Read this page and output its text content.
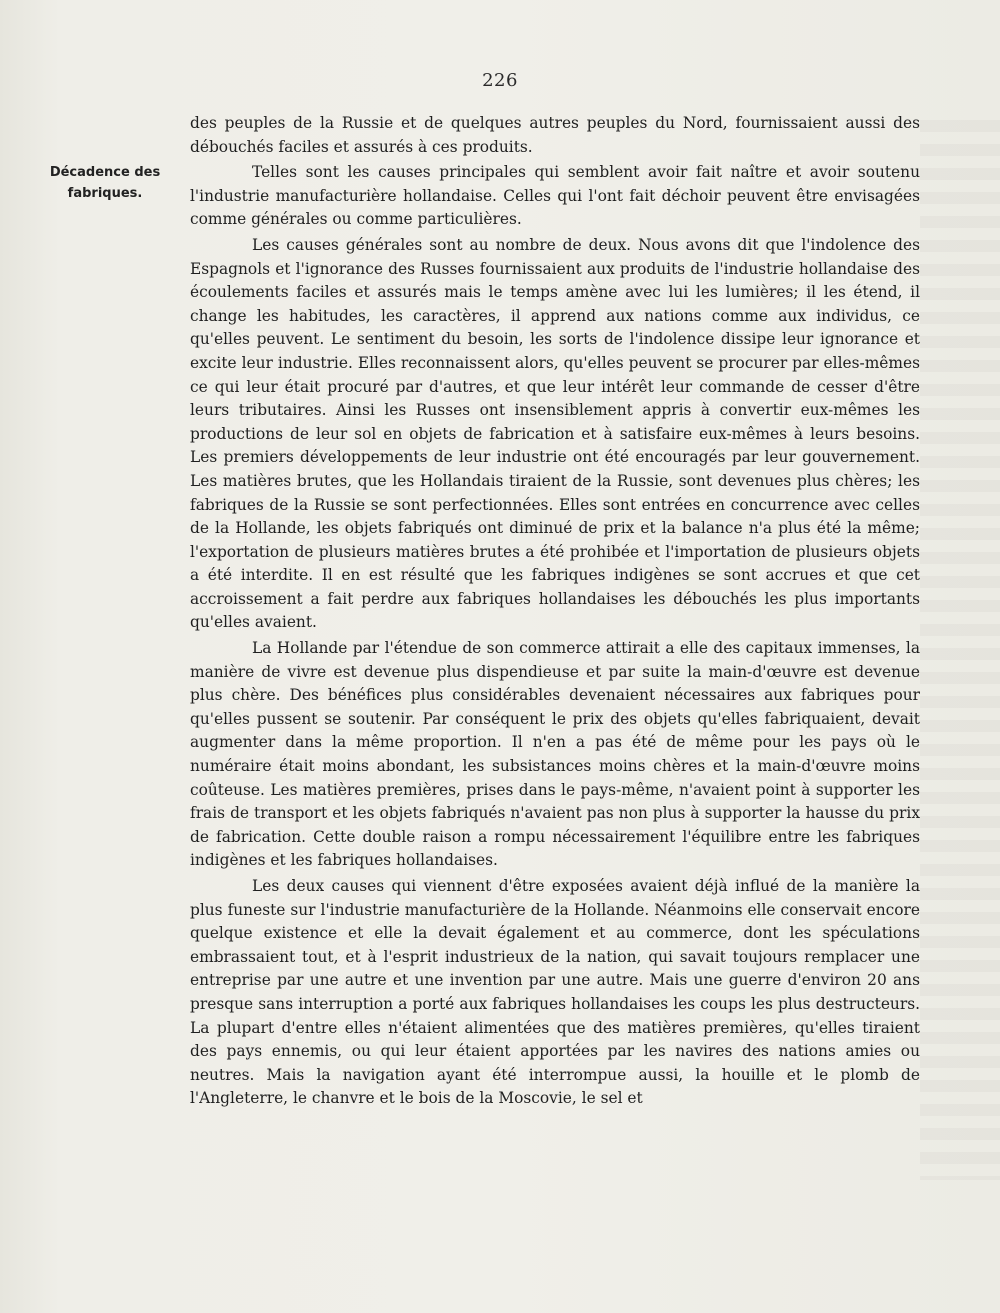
226
Décadence des
fabriques.

des peuples de la Russie et de quelques autres peuples du Nord, fournissaient aussi des débouchés faciles et assurés à ces produits.

Telles sont les causes principales qui semblent avoir fait naître et avoir soutenu l'industrie manufacturière hollandaise. Celles qui l'ont fait déchoir peuvent être envisagées comme générales ou comme particulières.

Les causes générales sont au nombre de deux. Nous avons dit que l'indolence des Espagnols et l'ignorance des Russes fournissaient aux produits de l'industrie hollandaise des écoulements faciles et assurés mais le temps amène avec lui les lumières; il les étend, il change les habitudes, les caractères, il apprend aux nations comme aux individus, ce qu'elles peuvent. Le sentiment du besoin, les sorts de l'indolence dissipe leur ignorance et excite leur industrie. Elles reconnaissent alors, qu'elles peuvent se procurer par elles-mêmes ce qui leur était procuré par d'autres, et que leur intérêt leur commande de cesser d'être leurs tributaires. Ainsi les Russes ont insensiblement appris à convertir eux-mêmes les productions de leur sol en objets de fabrication et à satisfaire eux-mêmes à leurs besoins. Les premiers développements de leur industrie ont été encouragés par leur gouvernement. Les matières brutes, que les Hollandais tiraient de la Russie, sont devenues plus chères; les fabriques de la Russie se sont perfectionnées. Elles sont entrées en concurrence avec celles de la Hollande, les objets fabriqués ont diminué de prix et la balance n'a plus été la même; l'exportation de plusieurs matières brutes a été prohibée et l'importation de plusieurs objets a été interdite. Il en est résulté que les fabriques indigènes se sont accrues et que cet accroissement a fait perdre aux fabriques hollandaises les débouchés les plus importants qu'elles avaient.

La Hollande par l'étendue de son commerce attirait a elle des capitaux immenses, la manière de vivre est devenue plus dispendieuse et par suite la main-d'œuvre est devenue plus chère. Des bénéfices plus considérables devenaient nécessaires aux fabriques pour qu'elles pussent se soutenir. Par conséquent le prix des objets qu'elles fabriquaient, devait augmenter dans la même proportion. Il n'en a pas été de même pour les pays où le numéraire était moins abondant, les subsistances moins chères et la main-d'œuvre moins coûteuse. Les matières premières, prises dans le pays-même, n'avaient point à supporter les frais de transport et les objets fabriqués n'avaient pas non plus à supporter la hausse du prix de fabrication. Cette double raison a rompu nécessairement l'équilibre entre les fabriques indigènes et les fabriques hollandaises.

Les deux causes qui viennent d'être exposées avaient déjà influé de la manière la plus funeste sur l'industrie manufacturière de la Hollande. Néanmoins elle conservait encore quelque existence et elle la devait également et au commerce, dont les spéculations embrassaient tout, et à l'esprit industrieux de la nation, qui savait toujours remplacer une entreprise par une autre et une invention par une autre. Mais une guerre d'environ 20 ans presque sans interruption a porté aux fabriques hollandaises les coups les plus destructeurs. La plupart d'entre elles n'étaient alimentées que des matières premières, qu'elles tiraient des pays ennemis, ou qui leur étaient apportées par les navires des nations amies ou neutres. Mais la navigation ayant été interrompue aussi, la houille et le plomb de l'Angleterre, le chanvre et le bois de la Moscovie, le sel et
